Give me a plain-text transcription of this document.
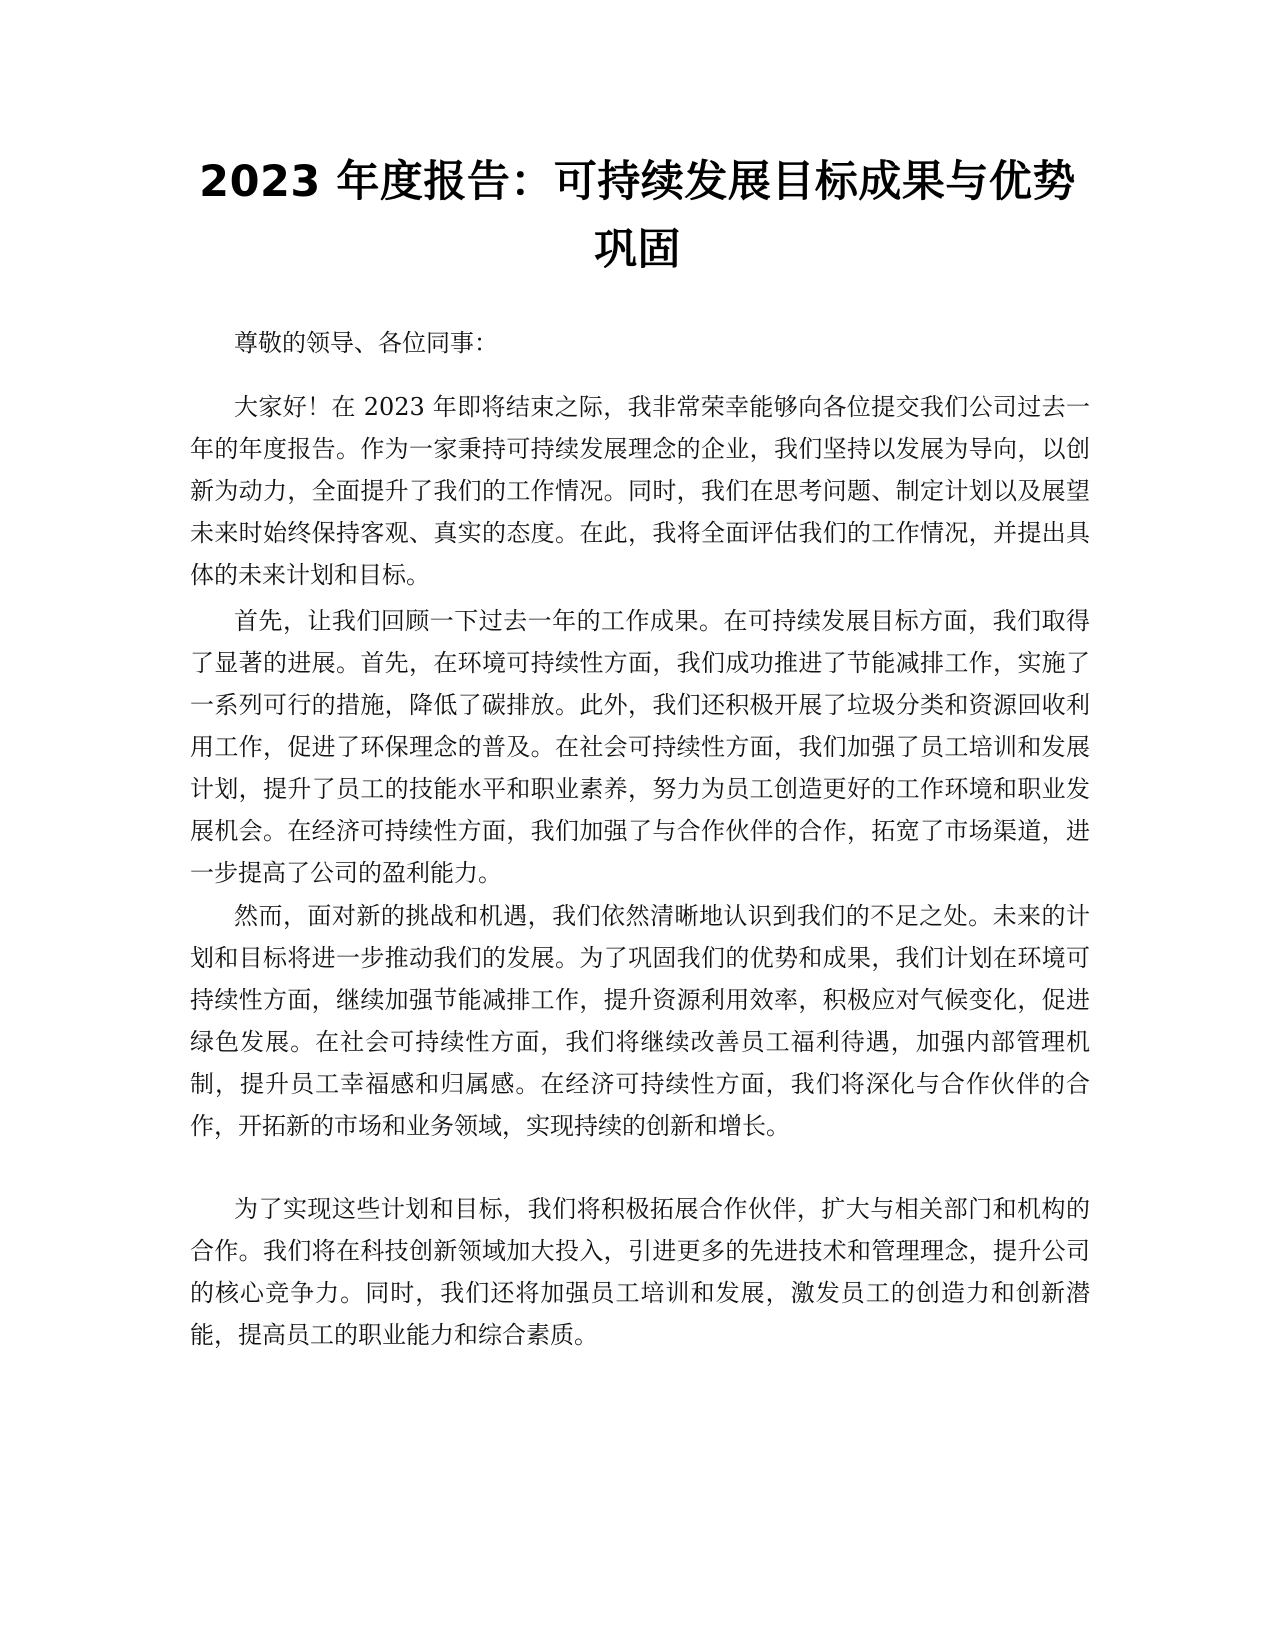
2023 年度报告：可持续发展目标成果与优势
巩固

尊敬的领导、各位同事：

大家好！在 2023 年即将结束之际，我非常荣幸能够向各位提交我们公司过去一年的年度报告。作为一家秉持可持续发展理念的企业，我们坚持以发展为导向，以创新为动力，全面提升了我们的工作情况。同时，我们在思考问题、制定计划以及展望未来时始终保持客观、真实的态度。在此，我将全面评估我们的工作情况，并提出具体的未来计划和目标。

首先，让我们回顾一下过去一年的工作成果。在可持续发展目标方面，我们取得了显著的进展。首先，在环境可持续性方面，我们成功推进了节能减排工作，实施了一系列可行的措施，降低了碳排放。此外，我们还积极开展了垃圾分类和资源回收利用工作，促进了环保理念的普及。在社会可持续性方面，我们加强了员工培训和发展计划，提升了员工的技能水平和职业素养，努力为员工创造更好的工作环境和职业发展机会。在经济可持续性方面，我们加强了与合作伙伴的合作，拓宽了市场渠道，进一步提高了公司的盈利能力。

然而，面对新的挑战和机遇，我们依然清晰地认识到我们的不足之处。未来的计划和目标将进一步推动我们的发展。为了巩固我们的优势和成果，我们计划在环境可持续性方面，继续加强节能减排工作，提升资源利用效率，积极应对气候变化，促进绿色发展。在社会可持续性方面，我们将继续改善员工福利待遇，加强内部管理机制，提升员工幸福感和归属感。在经济可持续性方面，我们将深化与合作伙伴的合作，开拓新的市场和业务领域，实现持续的创新和增长。

为了实现这些计划和目标，我们将积极拓展合作伙伴，扩大与相关部门和机构的合作。我们将在科技创新领域加大投入，引进更多的先进技术和管理理念，提升公司的核心竞争力。同时，我们还将加强员工培训和发展，激发员工的创造力和创新潜能，提高员工的职业能力和综合素质。
